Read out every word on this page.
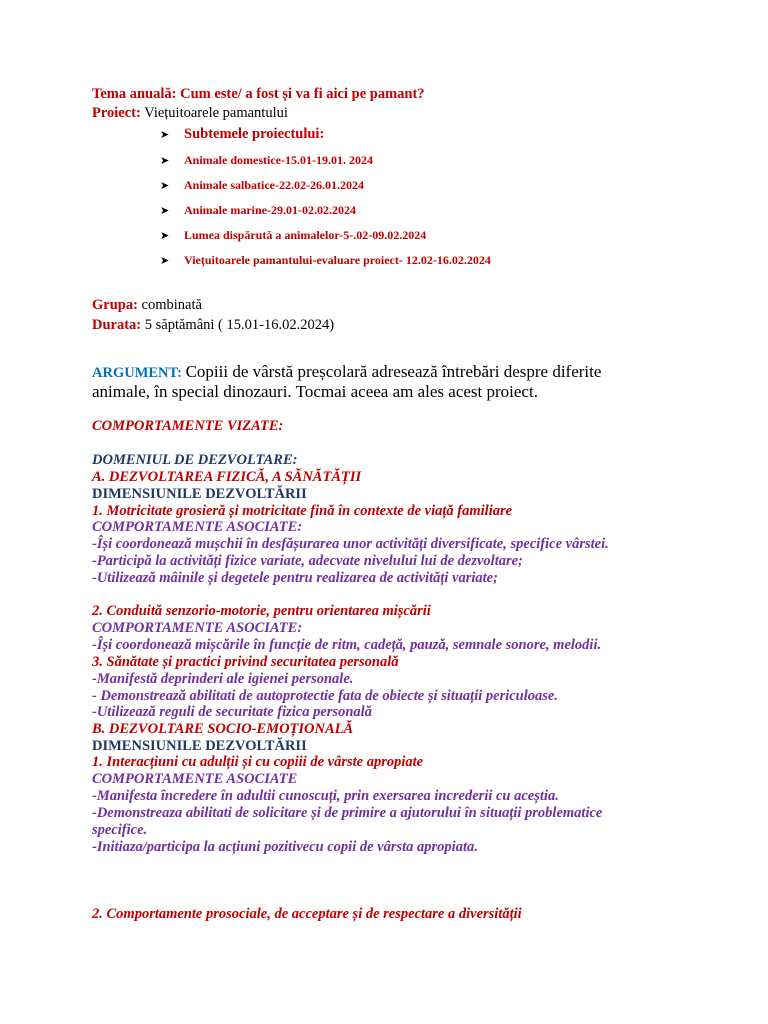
Tema anuală: Cum este/ a fost și va fi aici pe pamant?
Proiect: Viețuitoarele pamantului
➤	Subtemele proiectului:
➤	Animale domestice-15.01-19.01. 2024
➤	Animale salbatice-22.02-26.01.2024
➤	Animale marine-29.01-02.02.2024
➤	Lumea dispărută a animalelor-5-.02-09.02.2024
➤	Viețuitoarele pamantului-evaluare proiect- 12.02-16.02.2024
Grupa: combinată
Durata: 5 săptămâni ( 15.01-16.02.2024)
ARGUMENT: Copiii de vârstă preșcolară adresează întrebări despre diferite
animale, în special dinozauri. Tocmai aceea am ales acest proiect.
COMPORTAMENTE VIZATE:
DOMENIUL DE DEZVOLTARE:
A. DEZVOLTAREA FIZICĂ, A SĂNĂTĂȚII
DIMENSIUNILE DEZVOLTĂRII
1. Motricitate grosieră și motricitate fină în contexte de viață familiare
COMPORTAMENTE ASOCIATE:
-Își coordonează mușchii în desfășurarea unor activități diversificate, specifice vârstei.
-Participă la activități fizice variate, adecvate nivelului lui de dezvoltare;
-Utilizează mâinile și degetele pentru realizarea de activități variate;
2. Conduită senzorio-motorie, pentru orientarea mișcării
COMPORTAMENTE ASOCIATE:
-Își coordonează mișcările în funcție de ritm, cadeță, pauză, semnale sonore, melodii.
3. Sănătate și practici privind securitatea personală
-Manifestă deprinderi ale igienei personale.
- Demonstrează abilitati de autoprotectie fata de obiecte și situații periculoase.
-Utilizează reguli de securitate fizica personală
B. DEZVOLTARE SOCIO-EMOȚIONALĂ
DIMENSIUNILE DEZVOLTĂRII
1. Interacțiuni cu adulții și cu copiii de vârste apropiate
COMPORTAMENTE ASOCIATE
-Manifesta încredere în adultii cunoscuți, prin exersarea increderii cu aceștia.
-Demonstreaza abilitati de solicitare și de primire a ajutorului în situații problematice
specifice.
-Initiaza/participa la acțiuni pozitivecu copii de vârsta apropiata.
2. Comportamente prosociale, de acceptare și de respectare a diversității
